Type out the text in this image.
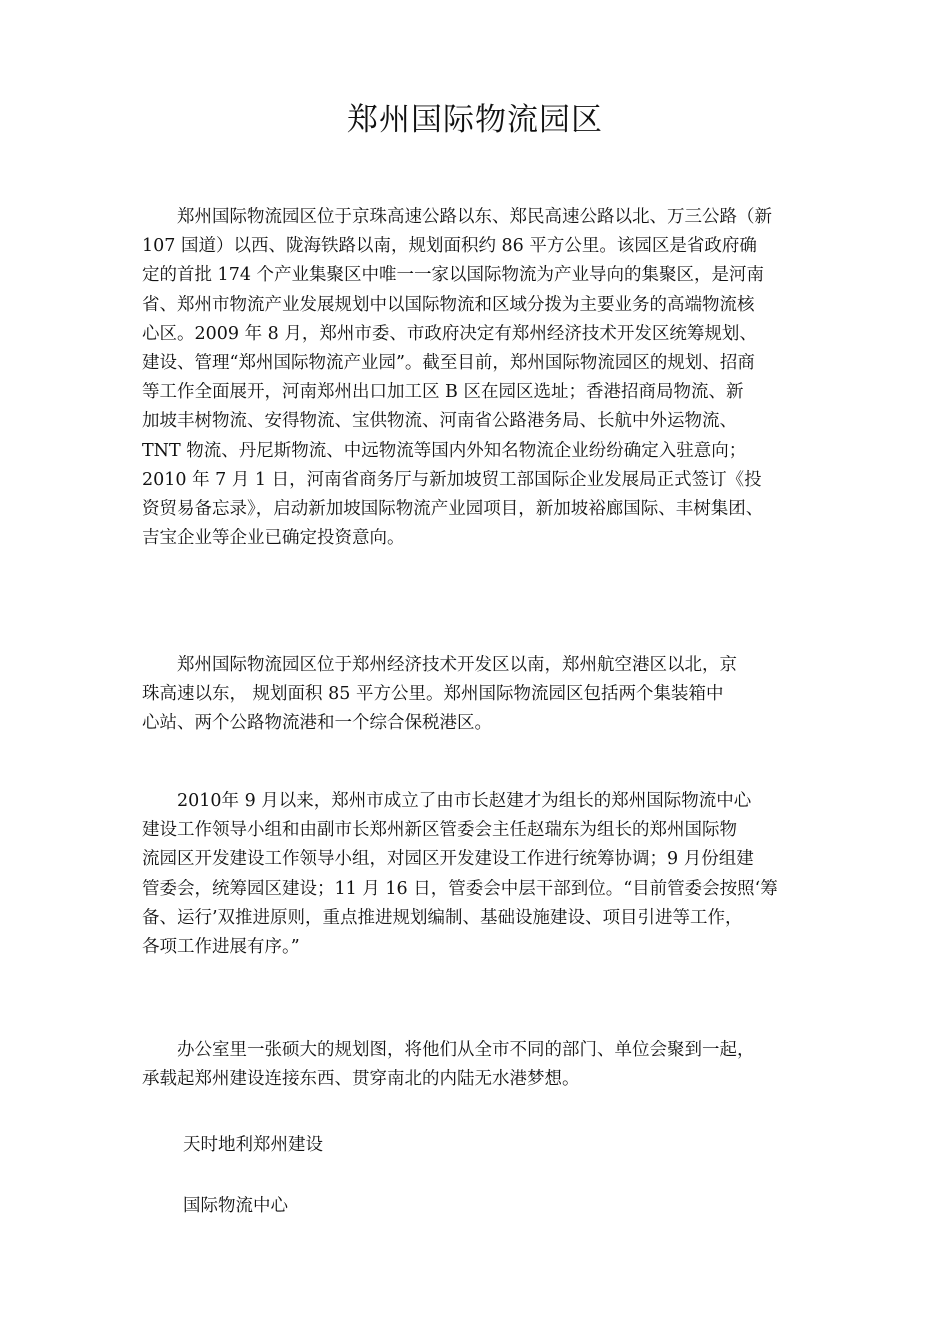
郑州国际物流园区
　　郑州国际物流园区位于京珠高速公路以东、郑民高速公路以北、万三公路（新
107 国道）以西、陇海铁路以南，规划面积约 86 平方公里。该园区是省政府确
定的首批 174 个产业集聚区中唯一一家以国际物流为产业导向的集聚区，是河南
省、郑州市物流产业发展规划中以国际物流和区域分拨为主要业务的高端物流核
心区。2009 年 8 月，郑州市委、市政府决定有郑州经济技术开发区统筹规划、
建设、管理“郑州国际物流产业园”。截至目前，郑州国际物流园区的规划、招商
等工作全面展开，河南郑州出口加工区 B 区在园区选址；香港招商局物流、新
加坡丰树物流、安得物流、宝供物流、河南省公路港务局、长航中外运物流、
TNT 物流、丹尼斯物流、中远物流等国内外知名物流企业纷纷确定入驻意向；
2010 年 7 月 1 日，河南省商务厅与新加坡贸工部国际企业发展局正式签订《投
资贸易备忘录》，启动新加坡国际物流产业园项目，新加坡裕廊国际、丰树集团、
吉宝企业等企业已确定投资意向。
　　郑州国际物流园区位于郑州经济技术开发区以南，郑州航空港区以北，京
珠高速以东， 规划面积 85 平方公里。郑州国际物流园区包括两个集装箱中
心站、两个公路物流港和一个综合保税港区。
　　2010年 9 月以来，郑州市成立了由市长赵建才为组长的郑州国际物流中心
建设工作领导小组和由副市长郑州新区管委会主任赵瑞东为组长的郑州国际物
流园区开发建设工作领导小组，对园区开发建设工作进行统筹协调；9 月份组建
管委会，统筹园区建设；11 月 16 日，管委会中层干部到位。“目前管委会按照‘筹
备、运行’双推进原则，重点推进规划编制、基础设施建设、项目引进等工作，
各项工作进展有序。”
　　办公室里一张硕大的规划图，将他们从全市不同的部门、单位会聚到一起，
承载起郑州建设连接东西、贯穿南北的内陆无水港梦想。

天时地利郑州建设

国际物流中心
